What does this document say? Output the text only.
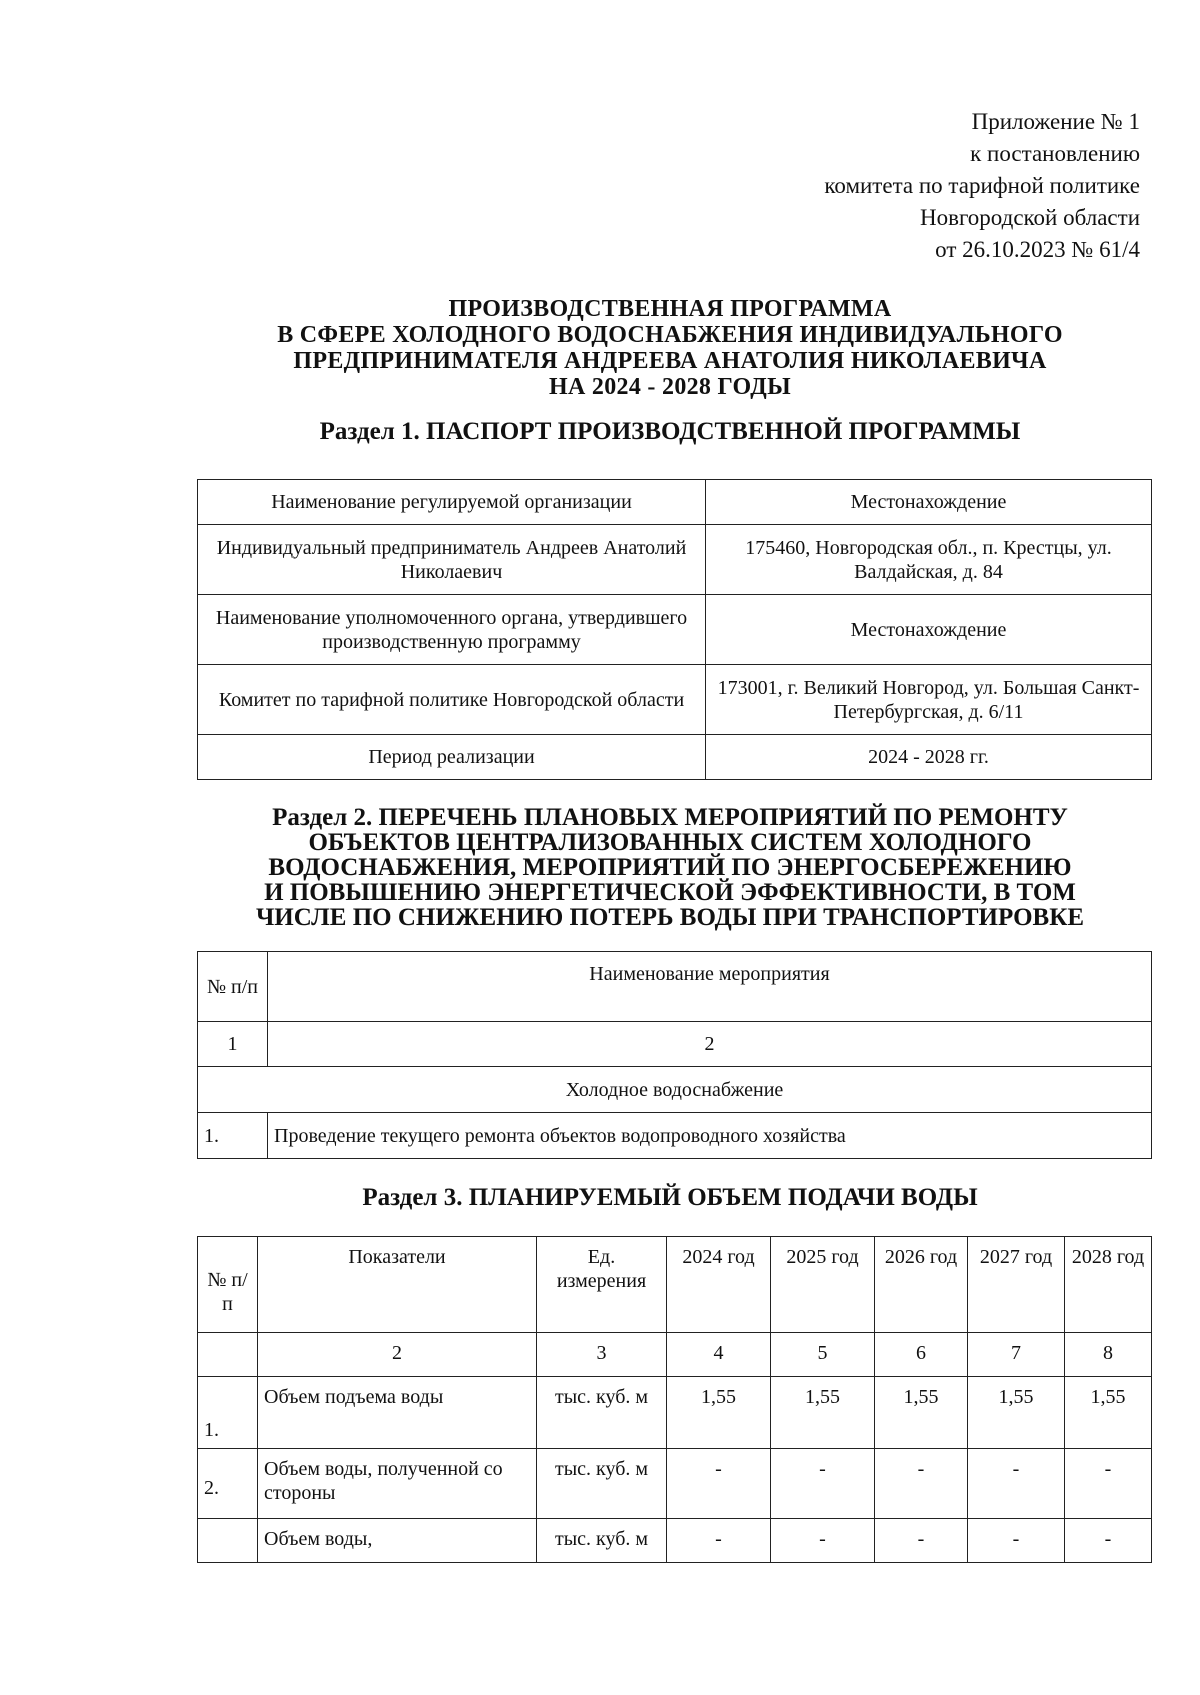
Приложение № 1
к постановлению
комитета по тарифной политике
Новгородской области
от 26.10.2023 № 61/4
ПРОИЗВОДСТВЕННАЯ ПРОГРАММА
В СФЕРЕ ХОЛОДНОГО ВОДОСНАБЖЕНИЯ ИНДИВИДУАЛЬНОГО
ПРЕДПРИНИМАТЕЛЯ АНДРЕЕВА АНАТОЛИЯ НИКОЛАЕВИЧА
НА 2024 - 2028 ГОДЫ
Раздел 1. ПАСПОРТ ПРОИЗВОДСТВЕННОЙ ПРОГРАММЫ
Наименование регулируемой организации	Местонахождение
Индивидуальный предприниматель Андреев Анатолий Николаевич	175460, Новгородская обл., п. Крестцы, ул. Валдайская, д. 84
Наименование уполномоченного органа, утвердившего производственную программу	Местонахождение
Комитет по тарифной политике Новгородской области	173001, г. Великий Новгород, ул. Большая Санкт-Петербургская, д. 6/11
Период реализации	2024 - 2028 гг.
Раздел 2. ПЕРЕЧЕНЬ ПЛАНОВЫХ МЕРОПРИЯТИЙ ПО РЕМОНТУ
ОБЪЕКТОВ ЦЕНТРАЛИЗОВАННЫХ СИСТЕМ ХОЛОДНОГО
ВОДОСНАБЖЕНИЯ, МЕРОПРИЯТИЙ ПО ЭНЕРГОСБЕРЕЖЕНИЮ
И ПОВЫШЕНИЮ ЭНЕРГЕТИЧЕСКОЙ ЭФФЕКТИВНОСТИ, В ТОМ
ЧИСЛЕ ПО СНИЖЕНИЮ ПОТЕРЬ ВОДЫ ПРИ ТРАНСПОРТИРОВКЕ
№ п/п	Наименование мероприятия
1	2
Холодное водоснабжение	
1.	Проведение текущего ремонта объектов водопроводного хозяйства
Раздел 3. ПЛАНИРУЕМЫЙ ОБЪЕМ ПОДАЧИ ВОДЫ
№ п/п	Показатели	Ед. измерения	2024 год	2025 год	2026 год	2027 год	2028 год
	2	3	4	5	6	7	8
1.	Объем подъема воды	тыс. куб. м	1,55	1,55	1,55	1,55	1,55
2.	Объем воды, полученной со стороны	тыс. куб. м	-	-	-	-	-
	Объем воды,	тыс. куб. м	-	-	-	-	-
